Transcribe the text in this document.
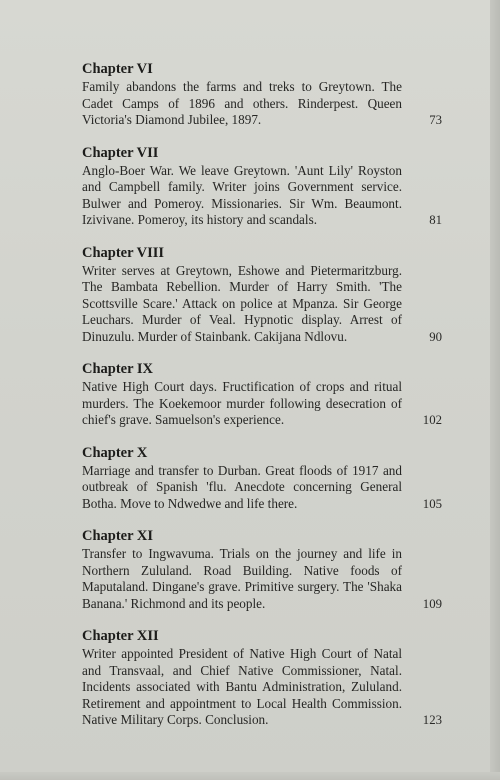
Chapter VI
Family abandons the farms and treks to Greytown. The Cadet Camps of 1896 and others. Rinderpest. Queen Victoria's Diamond Jubilee, 1897.	73
Chapter VII
Anglo-Boer War. We leave Greytown. 'Aunt Lily' Royston and Campbell family. Writer joins Government service. Bulwer and Pomeroy. Missionaries. Sir Wm. Beaumont. Izivivane. Pomeroy, its history and scandals.	81
Chapter VIII
Writer serves at Greytown, Eshowe and Pietermaritzburg. The Bambata Rebellion. Murder of Harry Smith. 'The Scottsville Scare.' Attack on police at Mpanza. Sir George Leuchars. Murder of Veal. Hypnotic display. Arrest of Dinuzulu. Murder of Stainbank. Cakijana Ndlovu.	90
Chapter IX
Native High Court days. Fructification of crops and ritual murders. The Koekemoor murder following desecration of chief's grave. Samuelson's experience.	102
Chapter X
Marriage and transfer to Durban. Great floods of 1917 and outbreak of Spanish 'flu. Anecdote concerning General Botha. Move to Ndwedwe and life there.	105
Chapter XI
Transfer to Ingwavuma. Trials on the journey and life in Northern Zululand. Road Building. Native foods of Maputaland. Dingane's grave. Primitive surgery. The 'Shaka Banana.' Richmond and its people.	109
Chapter XII
Writer appointed President of Native High Court of Natal and Transvaal, and Chief Native Commissioner, Natal. Incidents associated with Bantu Administration, Zululand. Retirement and appointment to Local Health Commission. Native Military Corps. Conclusion.	123
